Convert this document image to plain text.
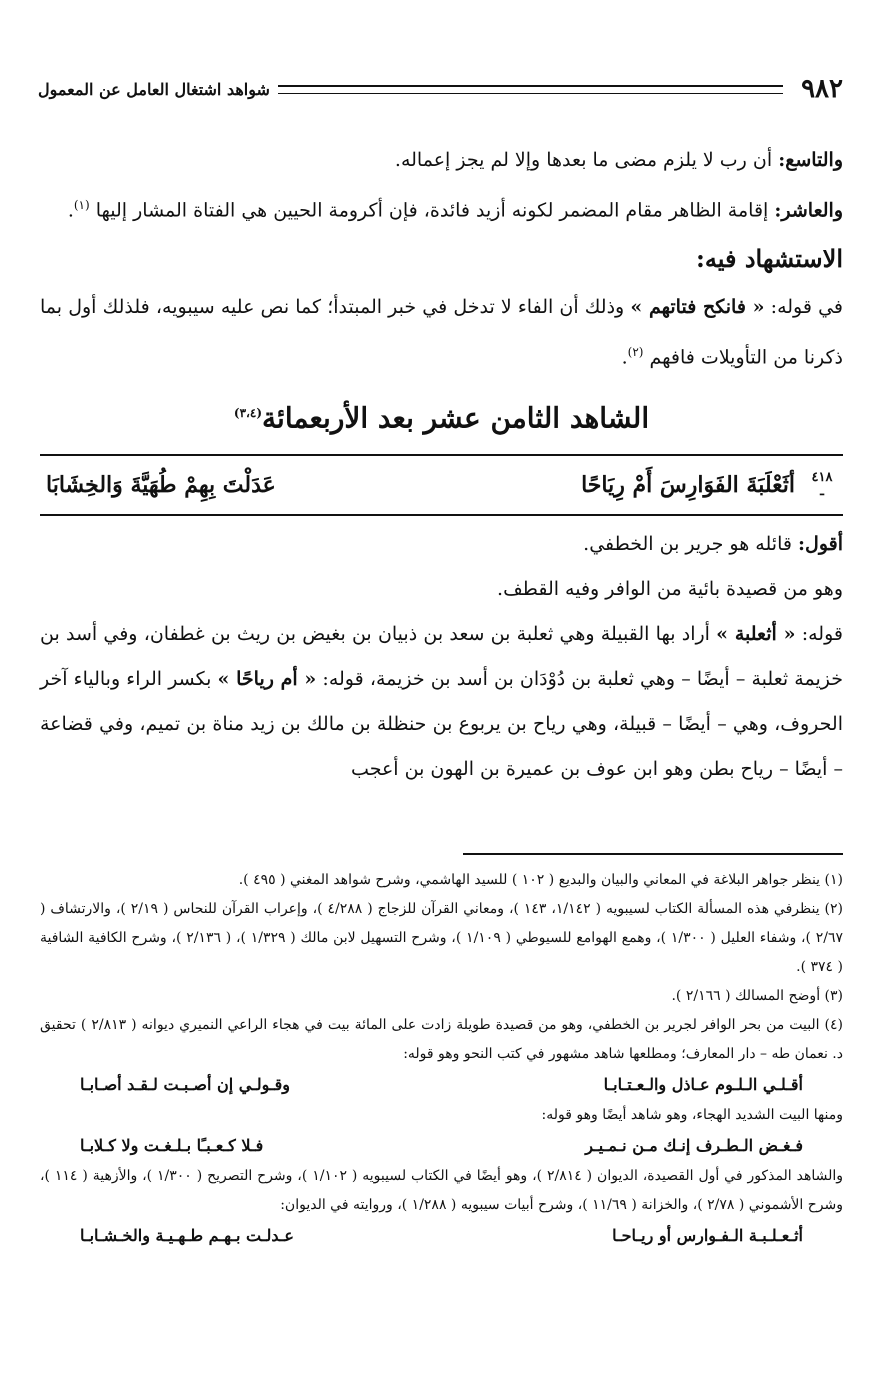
٩٨٢
شواهد اشتغال العامل عن المعمول

والتاسع: أن رب لا يلزم مضى ما بعدها وإلا لم يجز إعماله.

والعاشر: إقامة الظاهر مقام المضمر لكونه أزيد فائدة، فإن أكرومة الحيين هي الفتاة المشار إليها $^{(١)}$.

الاستشهاد فيه:

في قوله: « فانكح فتاتهم » وذلك أن الفاء لا تدخل في خبر المبتدأ؛ كما نص عليه سيبويه، فلذلك أول بما ذكرنا من التأويلات فافهم $^{(٢)}$.

الشاهد الثامن عشر بعد الأربعمائة$^{(٣،٤)}$
٤١٨
ـ
أثَعْلَبَةَ الفَوَارِسَ أَمْ رِيَاحًا
عَدَلْتَ بِهِمْ طُهَيَّةَ وَالخِشَابَا

أقول: قائله هو جرير بن الخطفي.

وهو من قصيدة بائية من الوافر وفيه القطف.

قوله: « أثعلبة » أراد بها القبيلة وهي ثعلبة بن سعد بن ذبيان بن بغيض بن ريث بن غطفان، وفي أسد بن خزيمة ثعلبة – أيضًا – وهي ثعلبة بن دُوْدَان بن أسد بن خزيمة، قوله: « أم رياحًا » بكسر الراء وبالياء آخر الحروف، وهي – أيضًا – قبيلة، وهي رياح بن يربوع بن حنظلة بن مالك بن زيد مناة بن تميم، وفي قضاعة – أيضًا – رياح بطن وهو ابن عوف بن عميرة بن الهون بن أعجب

(١) ينظر جواهر البلاغة في المعاني والبيان والبديع ( ١٠٢ ) للسيد الهاشمي، وشرح شواهد المغني ( ٤٩٥ ).

(٢) ينظرفي هذه المسألة الكتاب لسيبويه ( ١/١٤٢، ١٤٣ )، ومعاني القرآن للزجاج ( ٤/٢٨٨ )، وإعراب القرآن للنحاس ( ٢/١٩ )، والارتشاف ( ٢/٦٧ )، وشفاء العليل ( ١/٣٠٠ )، وهمع الهوامع للسيوطي ( ١/١٠٩ )، وشرح التسهيل لابن مالك ( ١/٣٢٩ )، ( ٢/١٣٦ )، وشرح الكافية الشافية ( ٣٧٤ ).

(٣) أوضح المسالك ( ٢/١٦٦ ).

(٤) البيت من بحر الوافر لجرير بن الخطفي، وهو من قصيدة طويلة زادت على المائة بيت في هجاء الراعي النميري ديوانه ( ٢/٨١٣ ) تحقيق د. نعمان طه – دار المعارف؛ ومطلعها شاهد مشهور في كتب النحو وهو قوله:

أقـلـي الـلـوم عـاذل والـعـتـابـا
وقـولـي إن أصـبـت لـقـد أصـابـا

ومنها البيت الشديد الهجاء، وهو شاهد أيضًا وهو قوله:

فـغـض الـطـرف إنـك مـن نـمـيـر
فـلا كـعـبـًا بـلـغـت ولا كـلابـا

والشاهد المذكور في أول القصيدة، الديوان ( ٢/٨١٤ )، وهو أيضًا في الكتاب لسيبويه ( ١/١٠٢ )، وشرح التصريح ( ١/٣٠٠ )، والأزهية ( ١١٤ )، وشرح الأشموني ( ٢/٧٨ )، والخزانة ( ١١/٦٩ )، وشرح أبيات سيبويه ( ١/٢٨٨ )، وروايته في الديوان:

أثـعـلـبـة الـفـوارس أو ريـاحـا
عـدلـت بـهـم طـهـيـة والخـشـابـا
